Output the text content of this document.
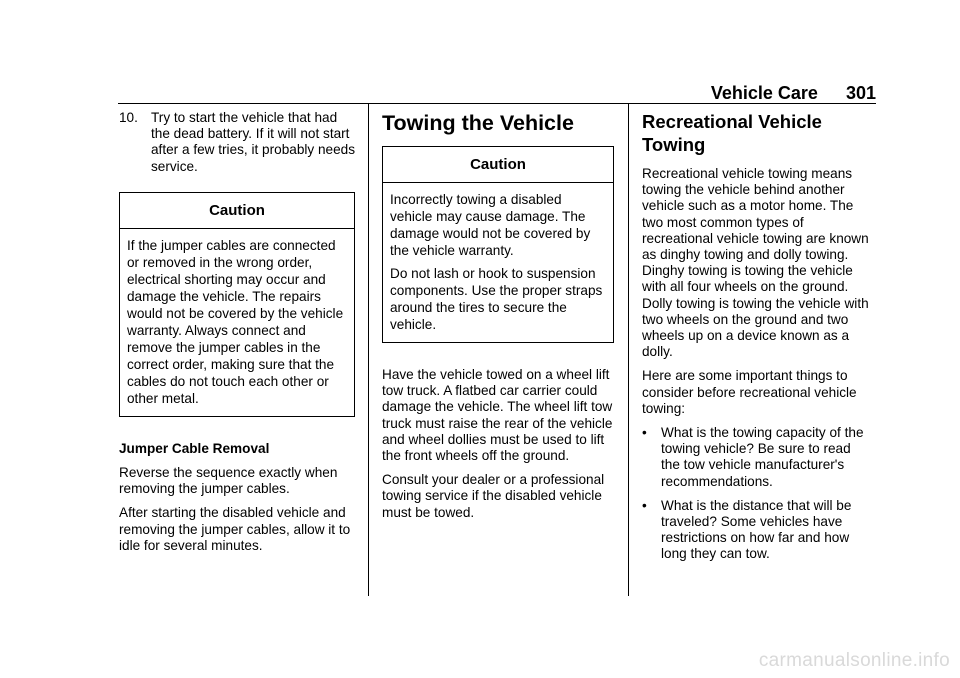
Vehicle Care 301
10. Try to start the vehicle that had the dead battery. If it will not start after a few tries, it probably needs service.
Caution

If the jumper cables are connected or removed in the wrong order, electrical shorting may occur and damage the vehicle. The repairs would not be covered by the vehicle warranty. Always connect and remove the jumper cables in the correct order, making sure that the cables do not touch each other or other metal.

Jumper Cable Removal

Reverse the sequence exactly when removing the jumper cables.

After starting the disabled vehicle and removing the jumper cables, allow it to idle for several minutes.

Towing the Vehicle
Caution

Incorrectly towing a disabled vehicle may cause damage. The damage would not be covered by the vehicle warranty.

Do not lash or hook to suspension components. Use the proper straps around the tires to secure the vehicle.

Have the vehicle towed on a wheel lift tow truck. A flatbed car carrier could damage the vehicle. The wheel lift tow truck must raise the rear of the vehicle and wheel dollies must be used to lift the front wheels off the ground.

Consult your dealer or a professional towing service if the disabled vehicle must be towed.

Recreational Vehicle
Towing

Recreational vehicle towing means towing the vehicle behind another vehicle such as a motor home. The two most common types of recreational vehicle towing are known as dinghy towing and dolly towing. Dinghy towing is towing the vehicle with all four wheels on the ground. Dolly towing is towing the vehicle with two wheels on the ground and two wheels up on a device known as a dolly.

Here are some important things to consider before recreational vehicle towing:

•	What is the towing capacity of the towing vehicle? Be sure to read the tow vehicle manufacturer's recommendations.
•	What is the distance that will be traveled? Some vehicles have restrictions on how far and how long they can tow.
carmanualsonline.info
